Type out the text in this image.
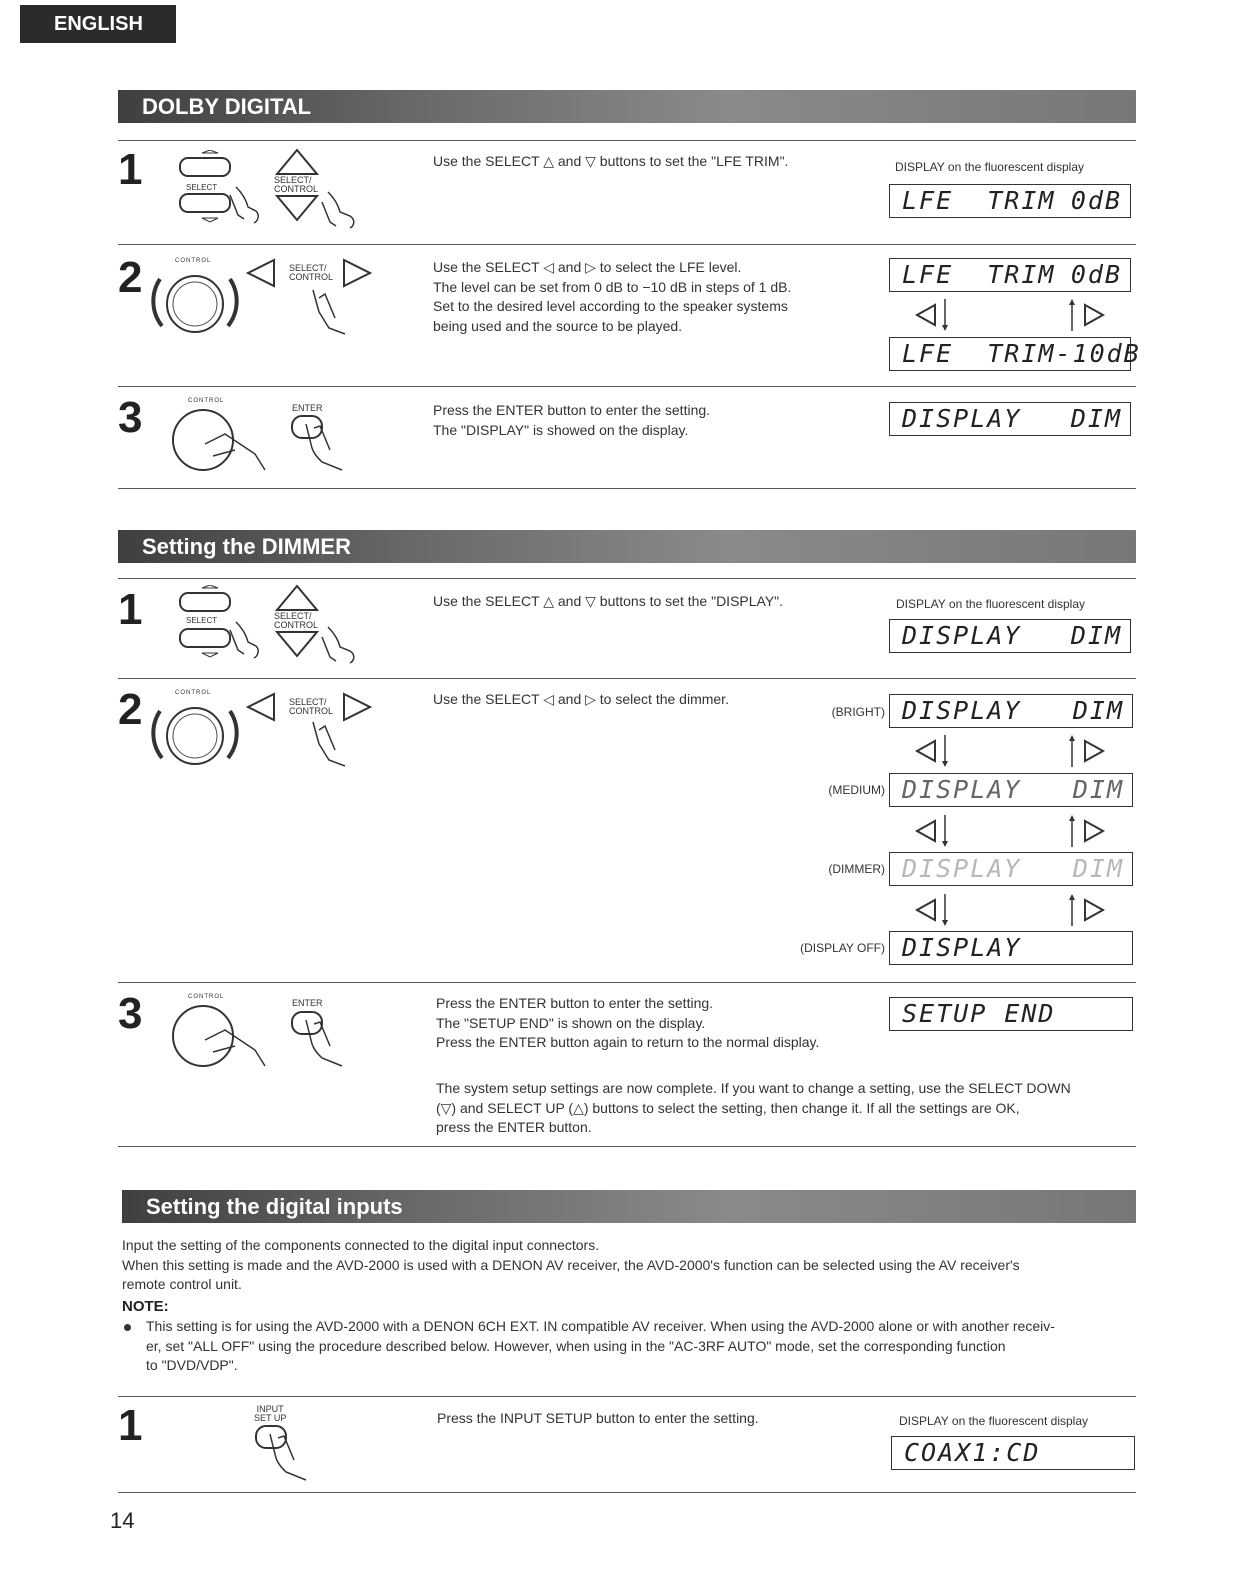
ENGLISH
DOLBY DIGITAL
1	SELECT
SELECT/
CONTROL
Use the SELECT △ and ▽ buttons to set the "LFE TRIM".	DISPLAY on the fluorescent display
LFE  TRIM 0dB
2	CONTROL
SELECT/
CONTROL
Use the SELECT ◁ and ▷ to select the LFE level.
The level can be set from 0 dB to −10 dB in steps of 1 dB.
Set to the desired level according to the speaker systems
being used and the source to be played.
LFE  TRIM 0dB
LFE  TRIM-10dB
3	CONTROL
ENTER	Press the ENTER button to enter the setting.
The "DISPLAY" is showed on the display.	DISPLAY DIM
Setting the DIMMER
1	SELECT	SELECT/
CONTROL
Use the SELECT △ and ▽ buttons to set the "DISPLAY".	DISPLAY on the fluorescent display
DISPLAY DIM
2	CONTROL
SELECT/
CONTROL
Use the SELECT ◁ and ▷ to select the dimmer.
(BRIGHT) DISPLAY DIM
(MEDIUM) DISPLAY DIM
(DIMMER) DISPLAY DIM
(DISPLAY OFF) DISPLAY
3	CONTROL
ENTER	Press the ENTER button to enter the setting.
The "SETUP END" is shown on the display.
Press the ENTER button again to return to the normal display.
SETUP END
The system setup settings are now complete. If you want to change a setting, use the SELECT DOWN
(▽) and SELECT UP (△) buttons to select the setting, then change it. If all the settings are OK,
press the ENTER button.
Setting the digital inputs
Input the setting of the components connected to the digital input connectors.
When this setting is made and the AVD-2000 is used with a DENON AV receiver, the AVD-2000's function can be selected using the AV receiver's
remote control unit.
NOTE:
This setting is for using the AVD-2000 with a DENON 6CH EXT. IN compatible AV receiver. When using the AVD-2000 alone or with another receiv-
er, set "ALL OFF" using the procedure described below. However, when using in the "AC-3RF AUTO" mode, set the corresponding function
to "DVD/VDP".
1	INPUT
SET UP	Press the INPUT SETUP button to enter the setting.	DISPLAY on the fluorescent display
COAX1:CD
14
